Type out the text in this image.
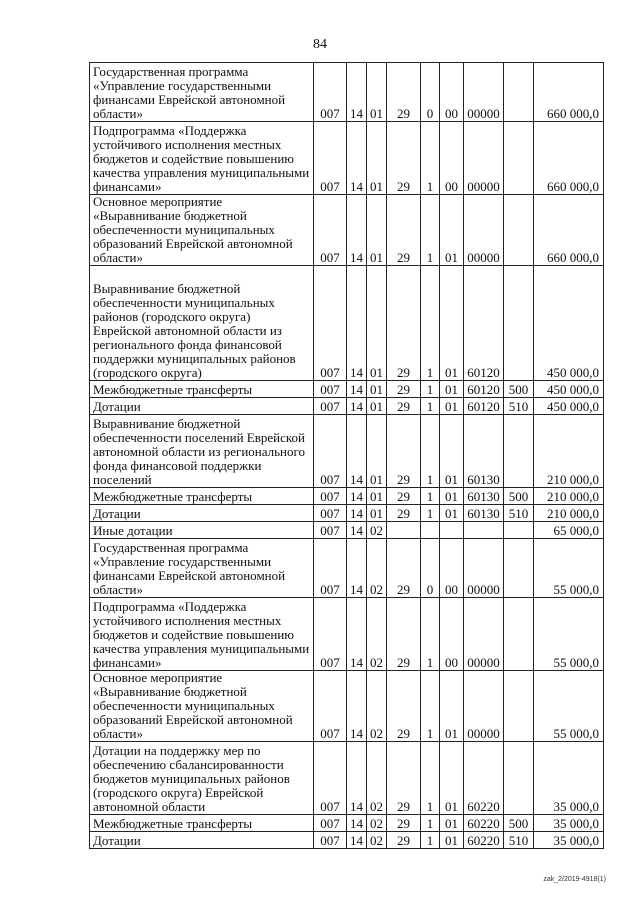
84
Государственная программа «Управление государственными финансами Еврейской автономной области»	007	14	01	29	0	00	00000		660 000,0
Подпрограмма «Поддержка устойчивого исполнения местных бюджетов и содействие повышению качества управления муниципальными финансами»	007	14	01	29	1	00	00000		660 000,0
Основное мероприятие «Выравнивание бюджетной обеспеченности муниципальных образований Еврейской автономной области»	007	14	01	29	1	01	00000		660 000,0
Выравнивание бюджетной обеспеченности муниципальных районов (городского округа) Еврейской автономной области из регионального фонда финансовой поддержки муниципальных районов (городского округа)	007	14	01	29	1	01	60120		450 000,0
Межбюджетные трансферты	007	14	01	29	1	01	60120	500	450 000,0
Дотации	007	14	01	29	1	01	60120	510	450 000,0
Выравнивание бюджетной обеспеченности поселений Еврейской автономной области из регионального фонда финансовой поддержки поселений	007	14	01	29	1	01	60130		210 000,0
Межбюджетные трансферты	007	14	01	29	1	01	60130	500	210 000,0
Дотации	007	14	01	29	1	01	60130	510	210 000,0
Иные дотации	007	14	02						65 000,0
Государственная программа «Управление государственными финансами Еврейской автономной области»	007	14	02	29	0	00	00000		55 000,0
Подпрограмма «Поддержка устойчивого исполнения местных бюджетов и содействие повышению качества управления муниципальными финансами»	007	14	02	29	1	00	00000		55 000,0
Основное мероприятие «Выравнивание бюджетной обеспеченности муниципальных образований Еврейской автономной области»	007	14	02	29	1	01	00000		55 000,0
Дотации на поддержку мер по обеспечению сбалансированности бюджетов муниципальных районов (городского округа) Еврейской автономной области	007	14	02	29	1	01	60220		35 000,0
Межбюджетные трансферты	007	14	02	29	1	01	60220	500	35 000,0
Дотации	007	14	02	29	1	01	60220	510	35 000,0
zak_2/2019-4918(1)
